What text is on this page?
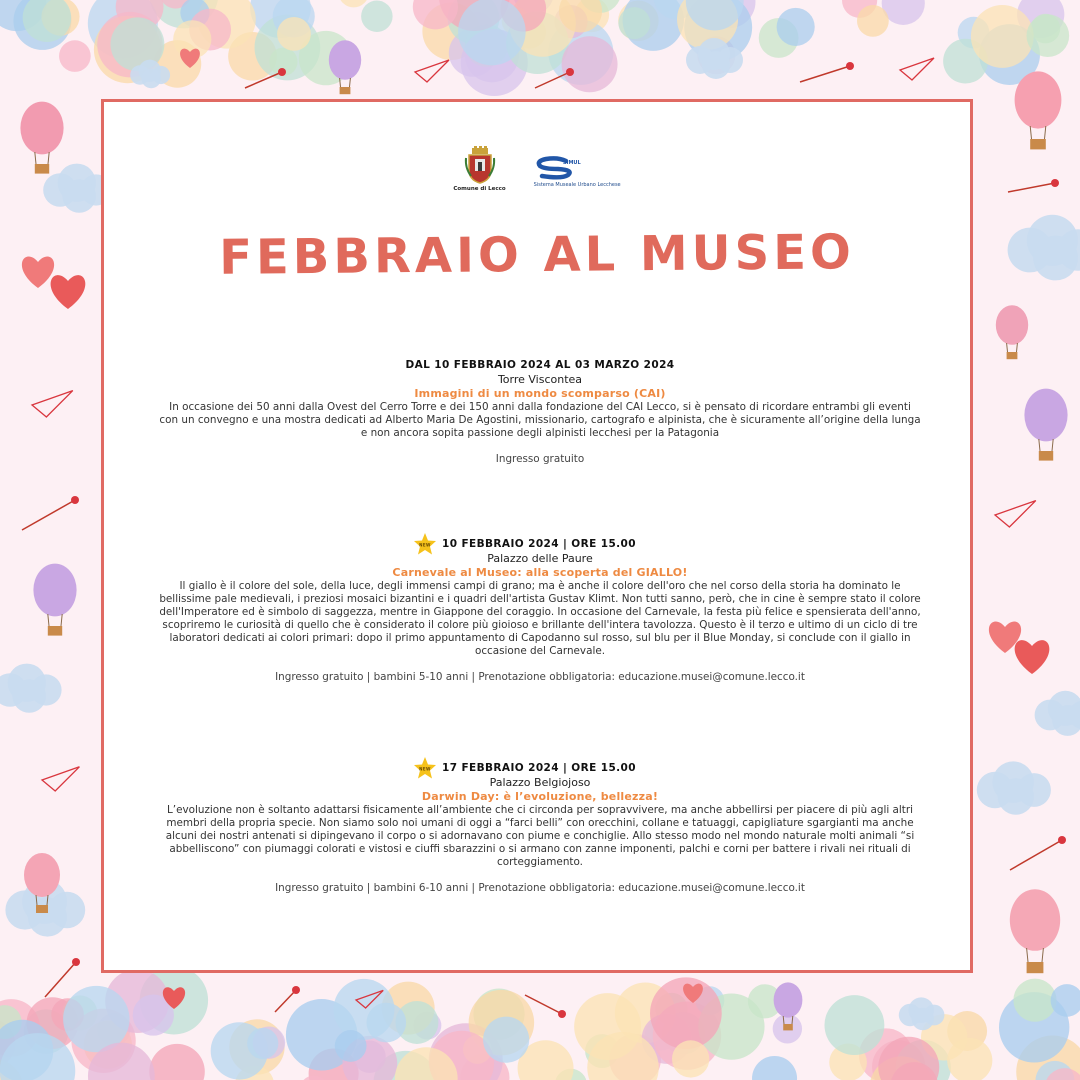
Comune di Lecco
SIMUL
Sistema Museale Urbano Lecchese
FEBBRAIO AL MUSEO
DAL 10 FEBBRAIO 2024 AL 03 MARZO 2024
Torre Viscontea
Immagini di un mondo scomparso (CAI)

In occasione dei 50 anni dalla Ovest del Cerro Torre e dei 150 anni dalla fondazione del CAI Lecco, si è pensato di ricordare entrambi gli eventi con un convegno e una mostra dedicati ad Alberto Maria De Agostini, missionario, cartografo e alpinista, che è sicuramente all’origine della lunga e non ancora sopita passione degli alpinisti lecchesi per la Patagonia

Ingresso gratuito
NEW 10 FEBBRAIO 2024 | ORE 15.00
Palazzo delle Paure
Carnevale al Museo: alla scoperta del GIALLO!

Il giallo è il colore del sole, della luce, degli immensi campi di grano; ma è anche il colore dell'oro che nel corso della storia ha dominato le bellissime pale medievali, i preziosi mosaici bizantini e i quadri dell'artista Gustav Klimt. Non tutti sanno, però, che in cine è sempre stato il colore dell'Imperatore ed è simbolo di saggezza, mentre in Giappone del coraggio. In occasione del Carnevale, la festa più felice e spensierata dell'anno, scopriremo le curiosità di quello che è considerato il colore più gioioso e brillante dell'intera tavolozza. Questo è il terzo e ultimo di un ciclo di tre laboratori dedicati ai colori primari: dopo il primo appuntamento di Capodanno sul rosso, sul blu per il Blue Monday, si conclude con il giallo in occasione del Carnevale.

Ingresso gratuito | bambini 5-10 anni | Prenotazione obbligatoria: educazione.musei@comune.lecco.it
NEW 17 FEBBRAIO 2024 | ORE 15.00
Palazzo Belgiojoso
Darwin Day: è l’evoluzione, bellezza!

L’evoluzione non è soltanto adattarsi fisicamente all’ambiente che ci circonda per sopravvivere, ma anche abbellirsi per piacere di più agli altri membri della propria specie. Non siamo solo noi umani di oggi a “farci belli” con orecchini, collane e tatuaggi, capigliature sgargianti ma anche alcuni dei nostri antenati si dipingevano il corpo o si adornavano con piume e conchiglie. Allo stesso modo nel mondo naturale molti animali “si abbelliscono” con piumaggi colorati e vistosi e ciuffi sbarazzini o si armano con zanne imponenti, palchi e corni per battere i rivali nei rituali di corteggiamento.

Ingresso gratuito | bambini 6-10 anni | Prenotazione obbligatoria: educazione.musei@comune.lecco.it
